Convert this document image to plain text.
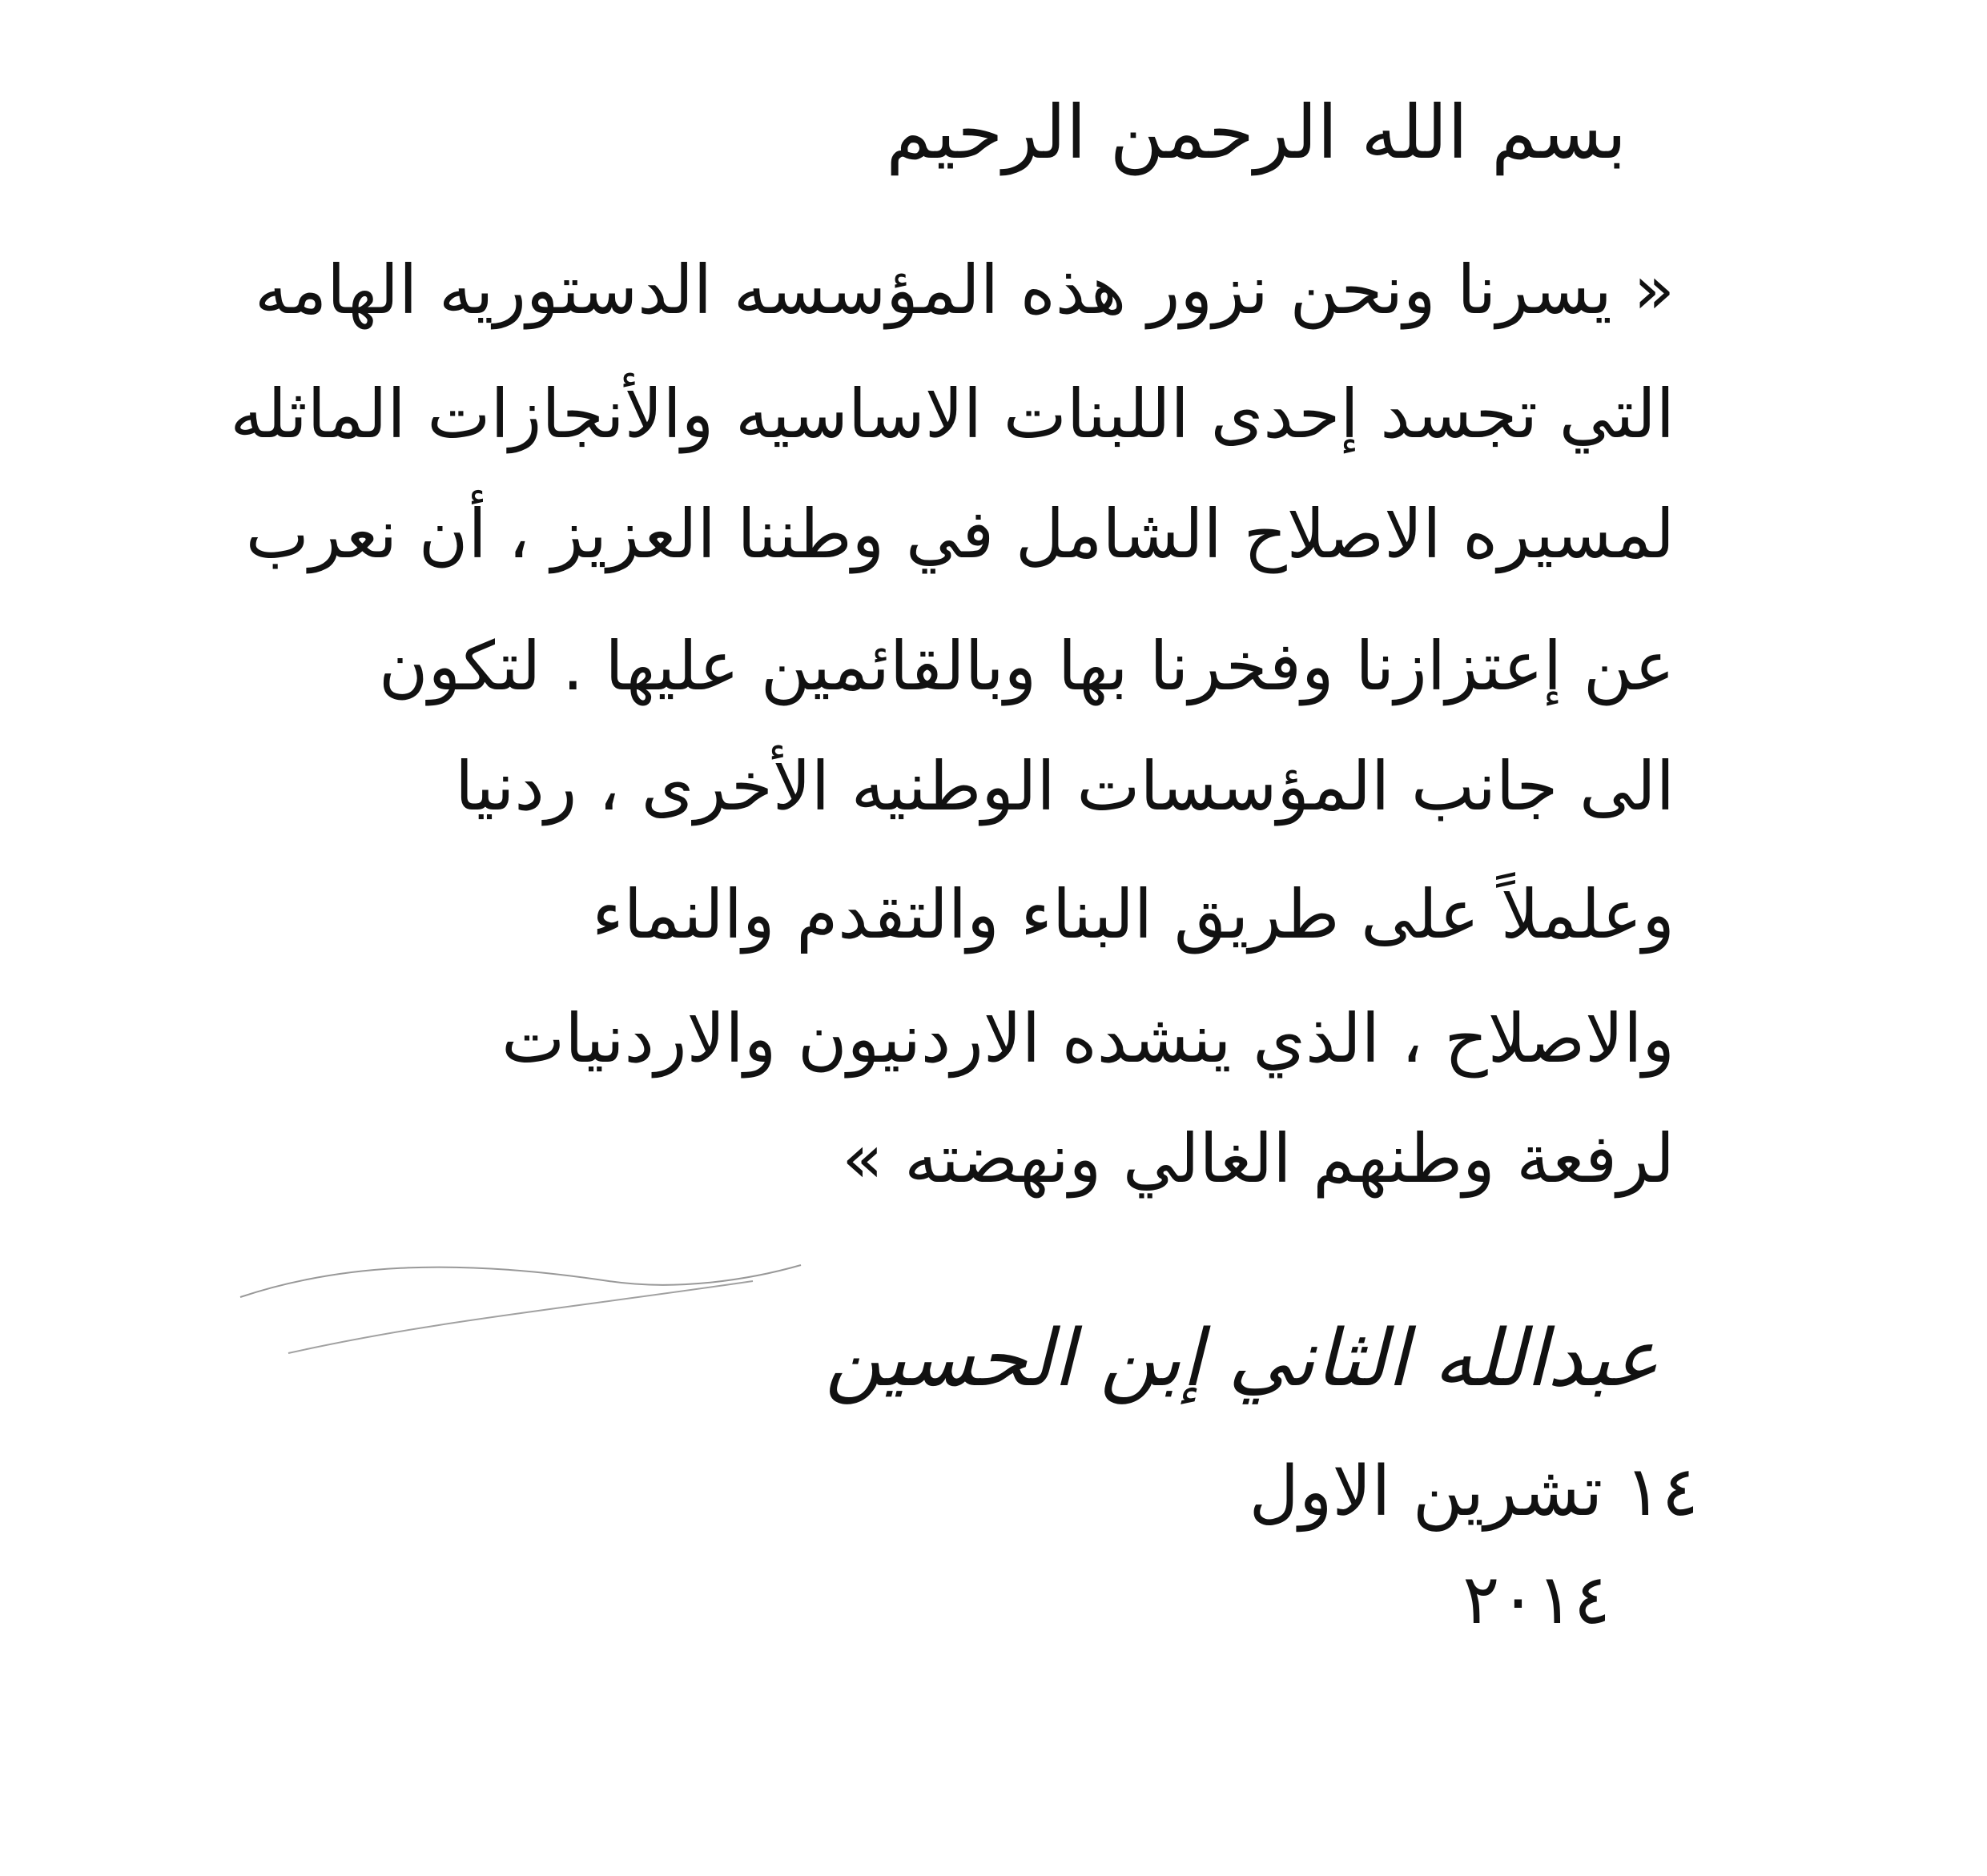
بسم الله الرحمن الرحيم
« يسرنا ونحن نزور هذه المؤسسه الدستوريه الهامه
التي تجسد إحدى اللبنات الاساسيه والأنجازات الماثله
لمسيره الاصلاح الشامل في وطننا العزيز ، أن نعرب
عن إعتزازنا وفخرنا بها وبالقائمين عليها . لتكون
الى جانب المؤسسات الوطنيه الأخرى ، ردنيا
وعلملاً على طريق البناء والتقدم والنماء
والاصلاح ، الذي ينشده الاردنيون والاردنيات
لرفعة وطنهم الغالي ونهضته »
عبدالله الثاني إبن الحسين
١٤ تشرين الاول
٢٠١٤
